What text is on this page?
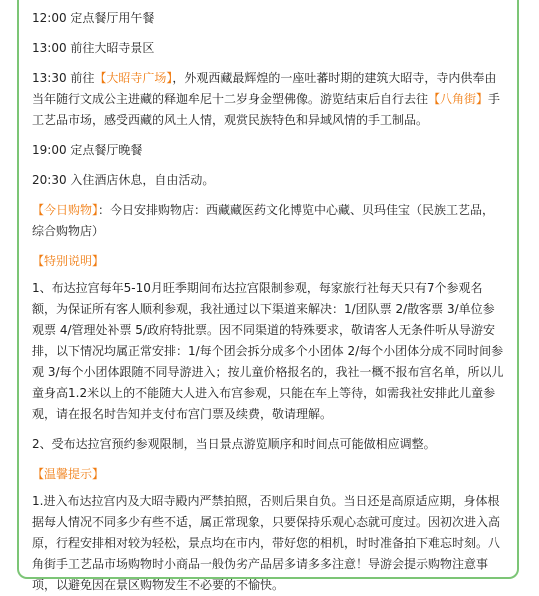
12:00 定点餐厅用午餐

13:00 前往大昭寺景区

13:30 前往【大昭寺广场】，外观西藏最辉煌的一座吐蕃时期的建筑大昭寺，寺内供奉由当年随行文成公主进藏的释迦牟尼十二岁身金塑佛像。游览结束后自行去往【八角街】手工艺品市场，感受西藏的风土人情，观赏民族特色和异域风情的手工制品。

19:00 定点餐厅晚餐

20:30 入住酒店休息，自由活动。

【今日购物】：今日安排购物店：西藏藏医药文化博览中心藏、贝玛佳宝（民族工艺品，综合购物店）

【特别说明】

1、布达拉宫每年5-10月旺季期间布达拉宫限制参观，每家旅行社每天只有7个参观名额，为保证所有客人顺利参观，我社通过以下渠道来解决：1/团队票 2/散客票 3/单位参观票 4/管理处补票 5/政府特批票。因不同渠道的特殊要求，敬请客人无条件听从导游安排，以下情况均属正常安排：1/每个团会拆分成多个小团体 2/每个小团体分成不同时间参观 3/每个小团体跟随不同导游进入；按儿童价格报名的，我社一概不报布宫名单，所以儿童身高1.2米以上的不能随大人进入布宫参观，只能在车上等待，如需我社安排此儿童参观，请在报名时告知并支付布宫门票及续费，敬请理解。

2、受布达拉宫预约参观限制，当日景点游览顺序和时间点可能做相应调整。

【温馨提示】

1.进入布达拉宫内及大昭寺殿内严禁拍照，否则后果自负。当日还是高原适应期，身体根据每人情况不同多少有些不适，属正常现象，只要保持乐观心态就可度过。因初次进入高原，行程安排相对较为轻松，景点均在市内，带好您的相机，时时准备拍下难忘时刻。八角街手工艺品市场购物时小商品一般伪劣产品居多请多多注意！导游会提示购物注意事项，以避免因在景区购物发生不必要的不愉快。
